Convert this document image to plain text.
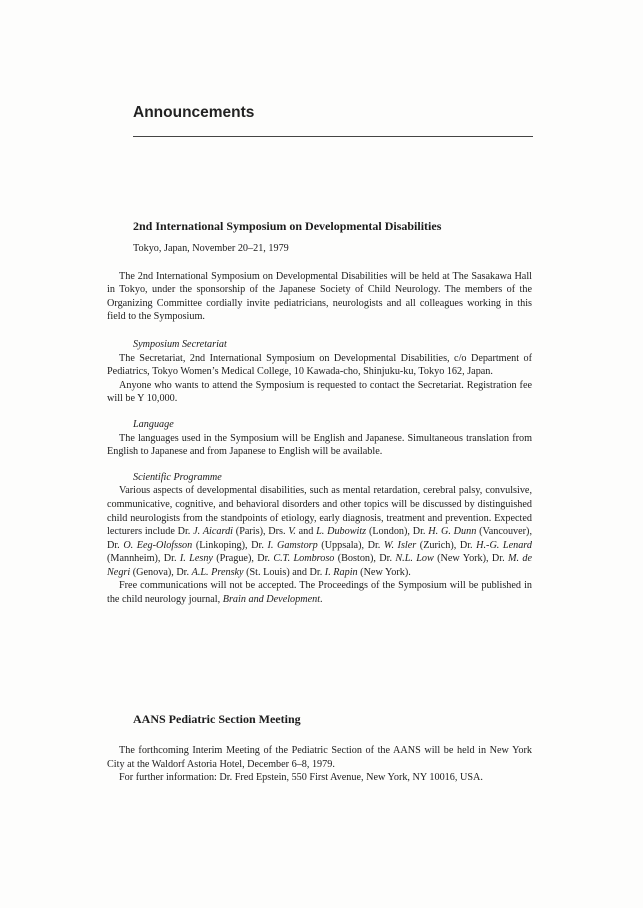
Announcements
2nd International Symposium on Developmental Disabilities
Tokyo, Japan, November 20–21, 1979

The 2nd International Symposium on Developmental Disabilities will be held at The Sasakawa Hall in Tokyo, under the sponsorship of the Japanese Society of Child Neurology. The members of the Organizing Committee cordially invite pediatricians, neurologists and all colleagues working in this field to the Symposium.

Symposium Secretariat

The Secretariat, 2nd International Symposium on Developmental Disabilities, c/o Department of Pediatrics, Tokyo Women’s Medical College, 10 Kawada-cho, Shinjuku-ku, Tokyo 162, Japan.

Anyone who wants to attend the Symposium is requested to contact the Secretariat. Registration fee will be Y 10,000.

Language

The languages used in the Symposium will be English and Japanese. Simultaneous translation from English to Japanese and from Japanese to English will be available.

Scientific Programme

Various aspects of developmental disabilities, such as mental retardation, cerebral palsy, convulsive, communicative, cognitive, and behavioral disorders and other topics will be discussed by distinguished child neurologists from the standpoints of etiology, early diagnosis, treatment and prevention. Expected lecturers include Dr. J. Aicardi (Paris), Drs. V. and L. Dubowitz (London), Dr. H. G. Dunn (Vancouver), Dr. O. Eeg-Olofsson (Linkoping), Dr. I. Gamstorp (Uppsala), Dr. W. Isler (Zurich), Dr. H.-G. Lenard (Mannheim), Dr. I. Lesny (Prague), Dr. C.T. Lombroso (Boston), Dr. N.L. Low (New York), Dr. M. de Negri (Genova), Dr. A.L. Prensky (St. Louis) and Dr. I. Rapin (New York).

Free communications will not be accepted. The Proceedings of the Symposium will be published in the child neurology journal, Brain and Development.

AANS Pediatric Section Meeting

The forthcoming Interim Meeting of the Pediatric Section of the AANS will be held in New York City at the Waldorf Astoria Hotel, December 6–8, 1979.

For further information: Dr. Fred Epstein, 550 First Avenue, New York, NY 10016, USA.
